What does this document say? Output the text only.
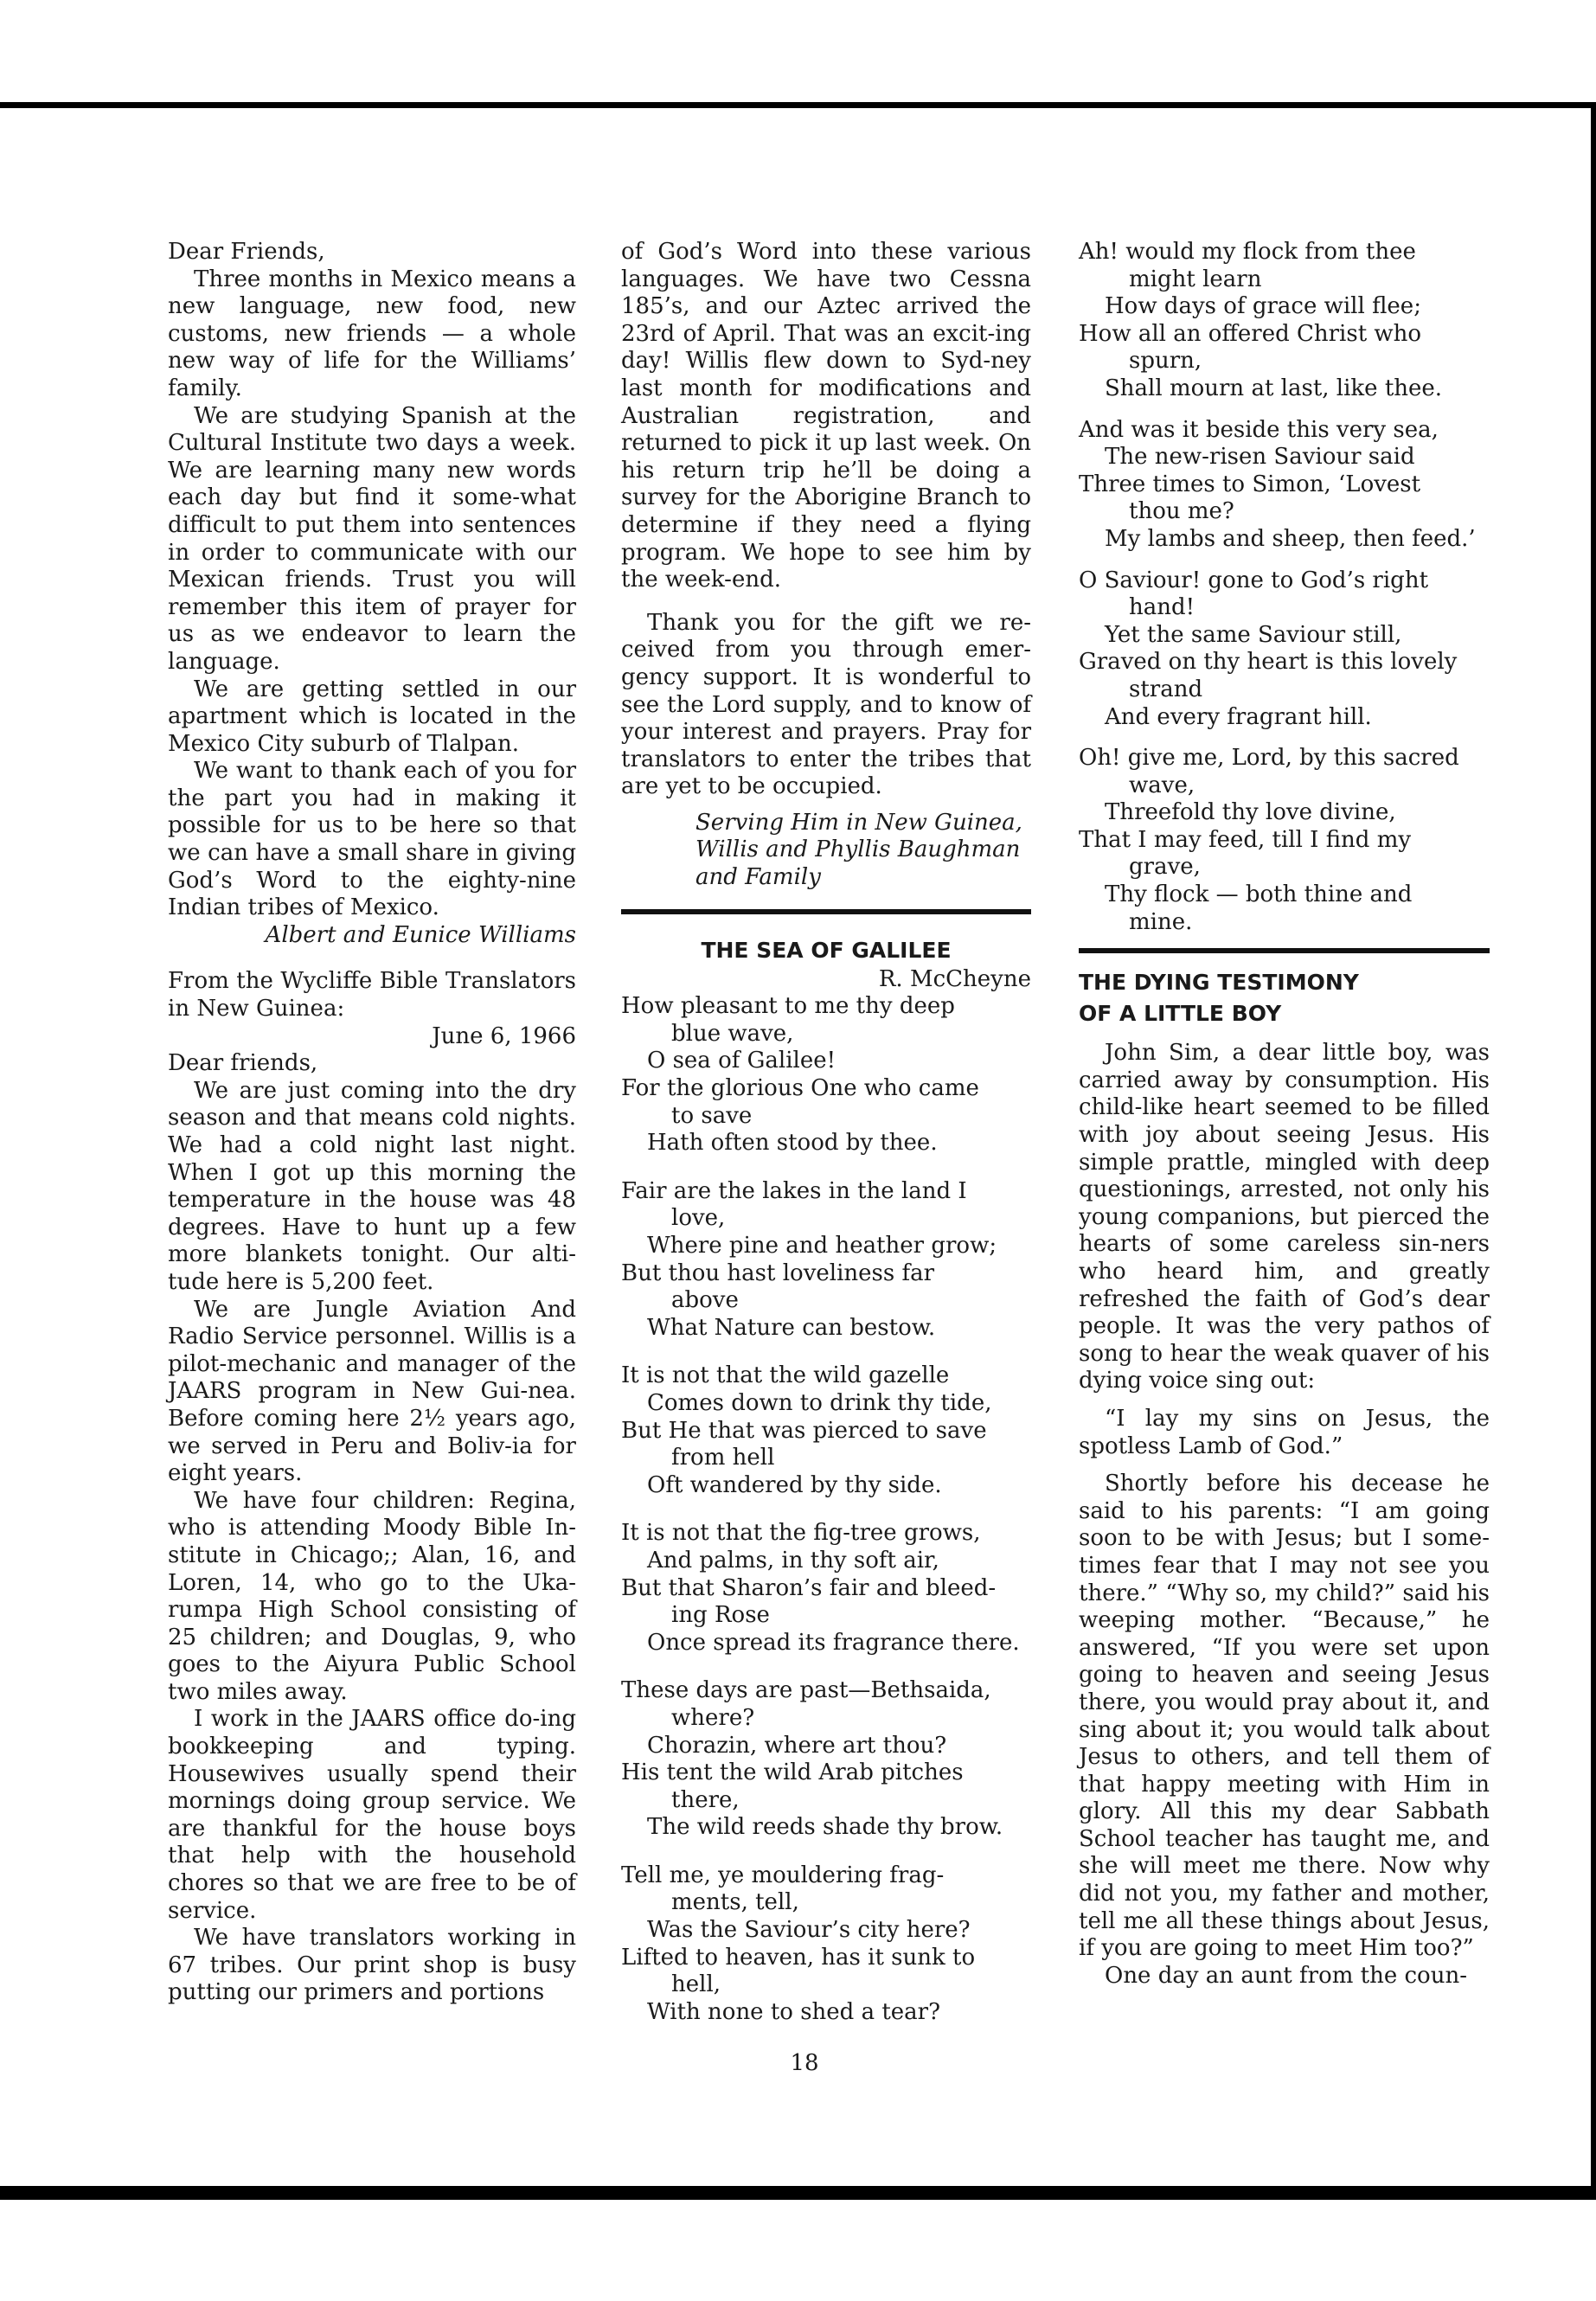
Dear Friends,

Three months in Mexico means a new language, new food, new customs, new friends — a whole new way of life for the Williams’ family.

We are studying Spanish at the Cultural Institute two days a week. We are learning many new words each day but find it some-what difficult to put them into sentences in order to communicate with our Mexican friends. Trust you will remember this item of prayer for us as we endeavor to learn the language.

We are getting settled in our apartment which is located in the Mexico City suburb of Tlalpan.

We want to thank each of you for the part you had in making it possible for us to be here so that we can have a small share in giving God’s Word to the eighty-nine Indian tribes of Mexico.

Albert and Eunice Williams

From the Wycliffe Bible Translators in New Guinea:

June 6, 1966
Dear friends,

We are just coming into the dry season and that means cold nights. We had a cold night last night. When I got up this morning the temperature in the house was 48 degrees. Have to hunt up a few more blankets tonight. Our alti-tude here is 5,200 feet.

We are Jungle Aviation And Radio Service personnel. Willis is a pilot-mechanic and manager of the JAARS program in New Gui-nea. Before coming here 2½ years ago, we served in Peru and Boliv-ia for eight years.

We have four children: Regina, who is attending Moody Bible In-stitute in Chicago;; Alan, 16, and Loren, 14, who go to the Uka-rumpa High School consisting of 25 children; and Douglas, 9, who goes to the Aiyura Public School two miles away.

I work in the JAARS office do-ing bookkeeping and typing. Housewives usually spend their mornings doing group service. We are thankful for the house boys that help with the household chores so that we are free to be of service.

We have translators working in 67 tribes. Our print shop is busy putting our primers and portions

of God’s Word into these various languages. We have two Cessna 185’s, and our Aztec arrived the 23rd of April. That was an excit-ing day! Willis flew down to Syd-ney last month for modifications and Australian registration, and returned to pick it up last week. On his return trip he’ll be doing a survey for the Aborigine Branch to determine if they need a flying program. We hope to see him by the week-end.

Thank you for the gift we re-ceived from you through emer-gency support. It is wonderful to see the Lord supply, and to know of your interest and prayers. Pray for translators to enter the tribes that are yet to be occupied.

Serving Him in New Guinea,
Willis and Phyllis Baughman
and Family
THE SEA OF GALILEE
R. McCheyne
How pleasant to me thy deep
blue wave,
O sea of Galilee!
For the glorious One who came
to save
Hath often stood by thee.
Fair are the lakes in the land I
love,
Where pine and heather grow;
But thou hast loveliness far
above
What Nature can bestow.
It is not that the wild gazelle
Comes down to drink thy tide,
But He that was pierced to save
from hell
Oft wandered by thy side.
It is not that the fig-tree grows,
And palms, in thy soft air,
But that Sharon’s fair and bleed-
ing Rose
Once spread its fragrance there.
These days are past—Bethsaida,
where?
Chorazin, where art thou?
His tent the wild Arab pitches
there,
The wild reeds shade thy brow.
Tell me, ye mouldering frag-
ments, tell,
Was the Saviour’s city here?
Lifted to heaven, has it sunk to
hell,
With none to shed a tear?
Ah! would my flock from thee
might learn
How days of grace will flee;
How all an offered Christ who
spurn,
Shall mourn at last, like thee.
And was it beside this very sea,
The new-risen Saviour said
Three times to Simon, ‘Lovest
thou me?
My lambs and sheep, then feed.’
O Saviour! gone to God’s right
hand!
Yet the same Saviour still,
Graved on thy heart is this lovely
strand
And every fragrant hill.
Oh! give me, Lord, by this sacred
wave,
Threefold thy love divine,
That I may feed, till I find my
grave,
Thy flock — both thine and
mine.
THE DYING TESTIMONY
OF A LITTLE BOY

John Sim, a dear little boy, was carried away by consumption. His child-like heart seemed to be filled with joy about seeing Jesus. His simple prattle, mingled with deep questionings, arrested, not only his young companions, but pierced the hearts of some careless sin-ners who heard him, and greatly refreshed the faith of God’s dear people. It was the very pathos of song to hear the weak quaver of his dying voice sing out:

“I lay my sins on Jesus, the spotless Lamb of God.”

Shortly before his decease he said to his parents: “I am going soon to be with Jesus; but I some-times fear that I may not see you there.” “Why so, my child?” said his weeping mother. “Because,” he answered, “If you were set upon going to heaven and seeing Jesus there, you would pray about it, and sing about it; you would talk about Jesus to others, and tell them of that happy meeting with Him in glory. All this my dear Sabbath School teacher has taught me, and she will meet me there. Now why did not you, my father and mother, tell me all these things about Jesus, if you are going to meet Him too?”

One day an aunt from the coun-

18
